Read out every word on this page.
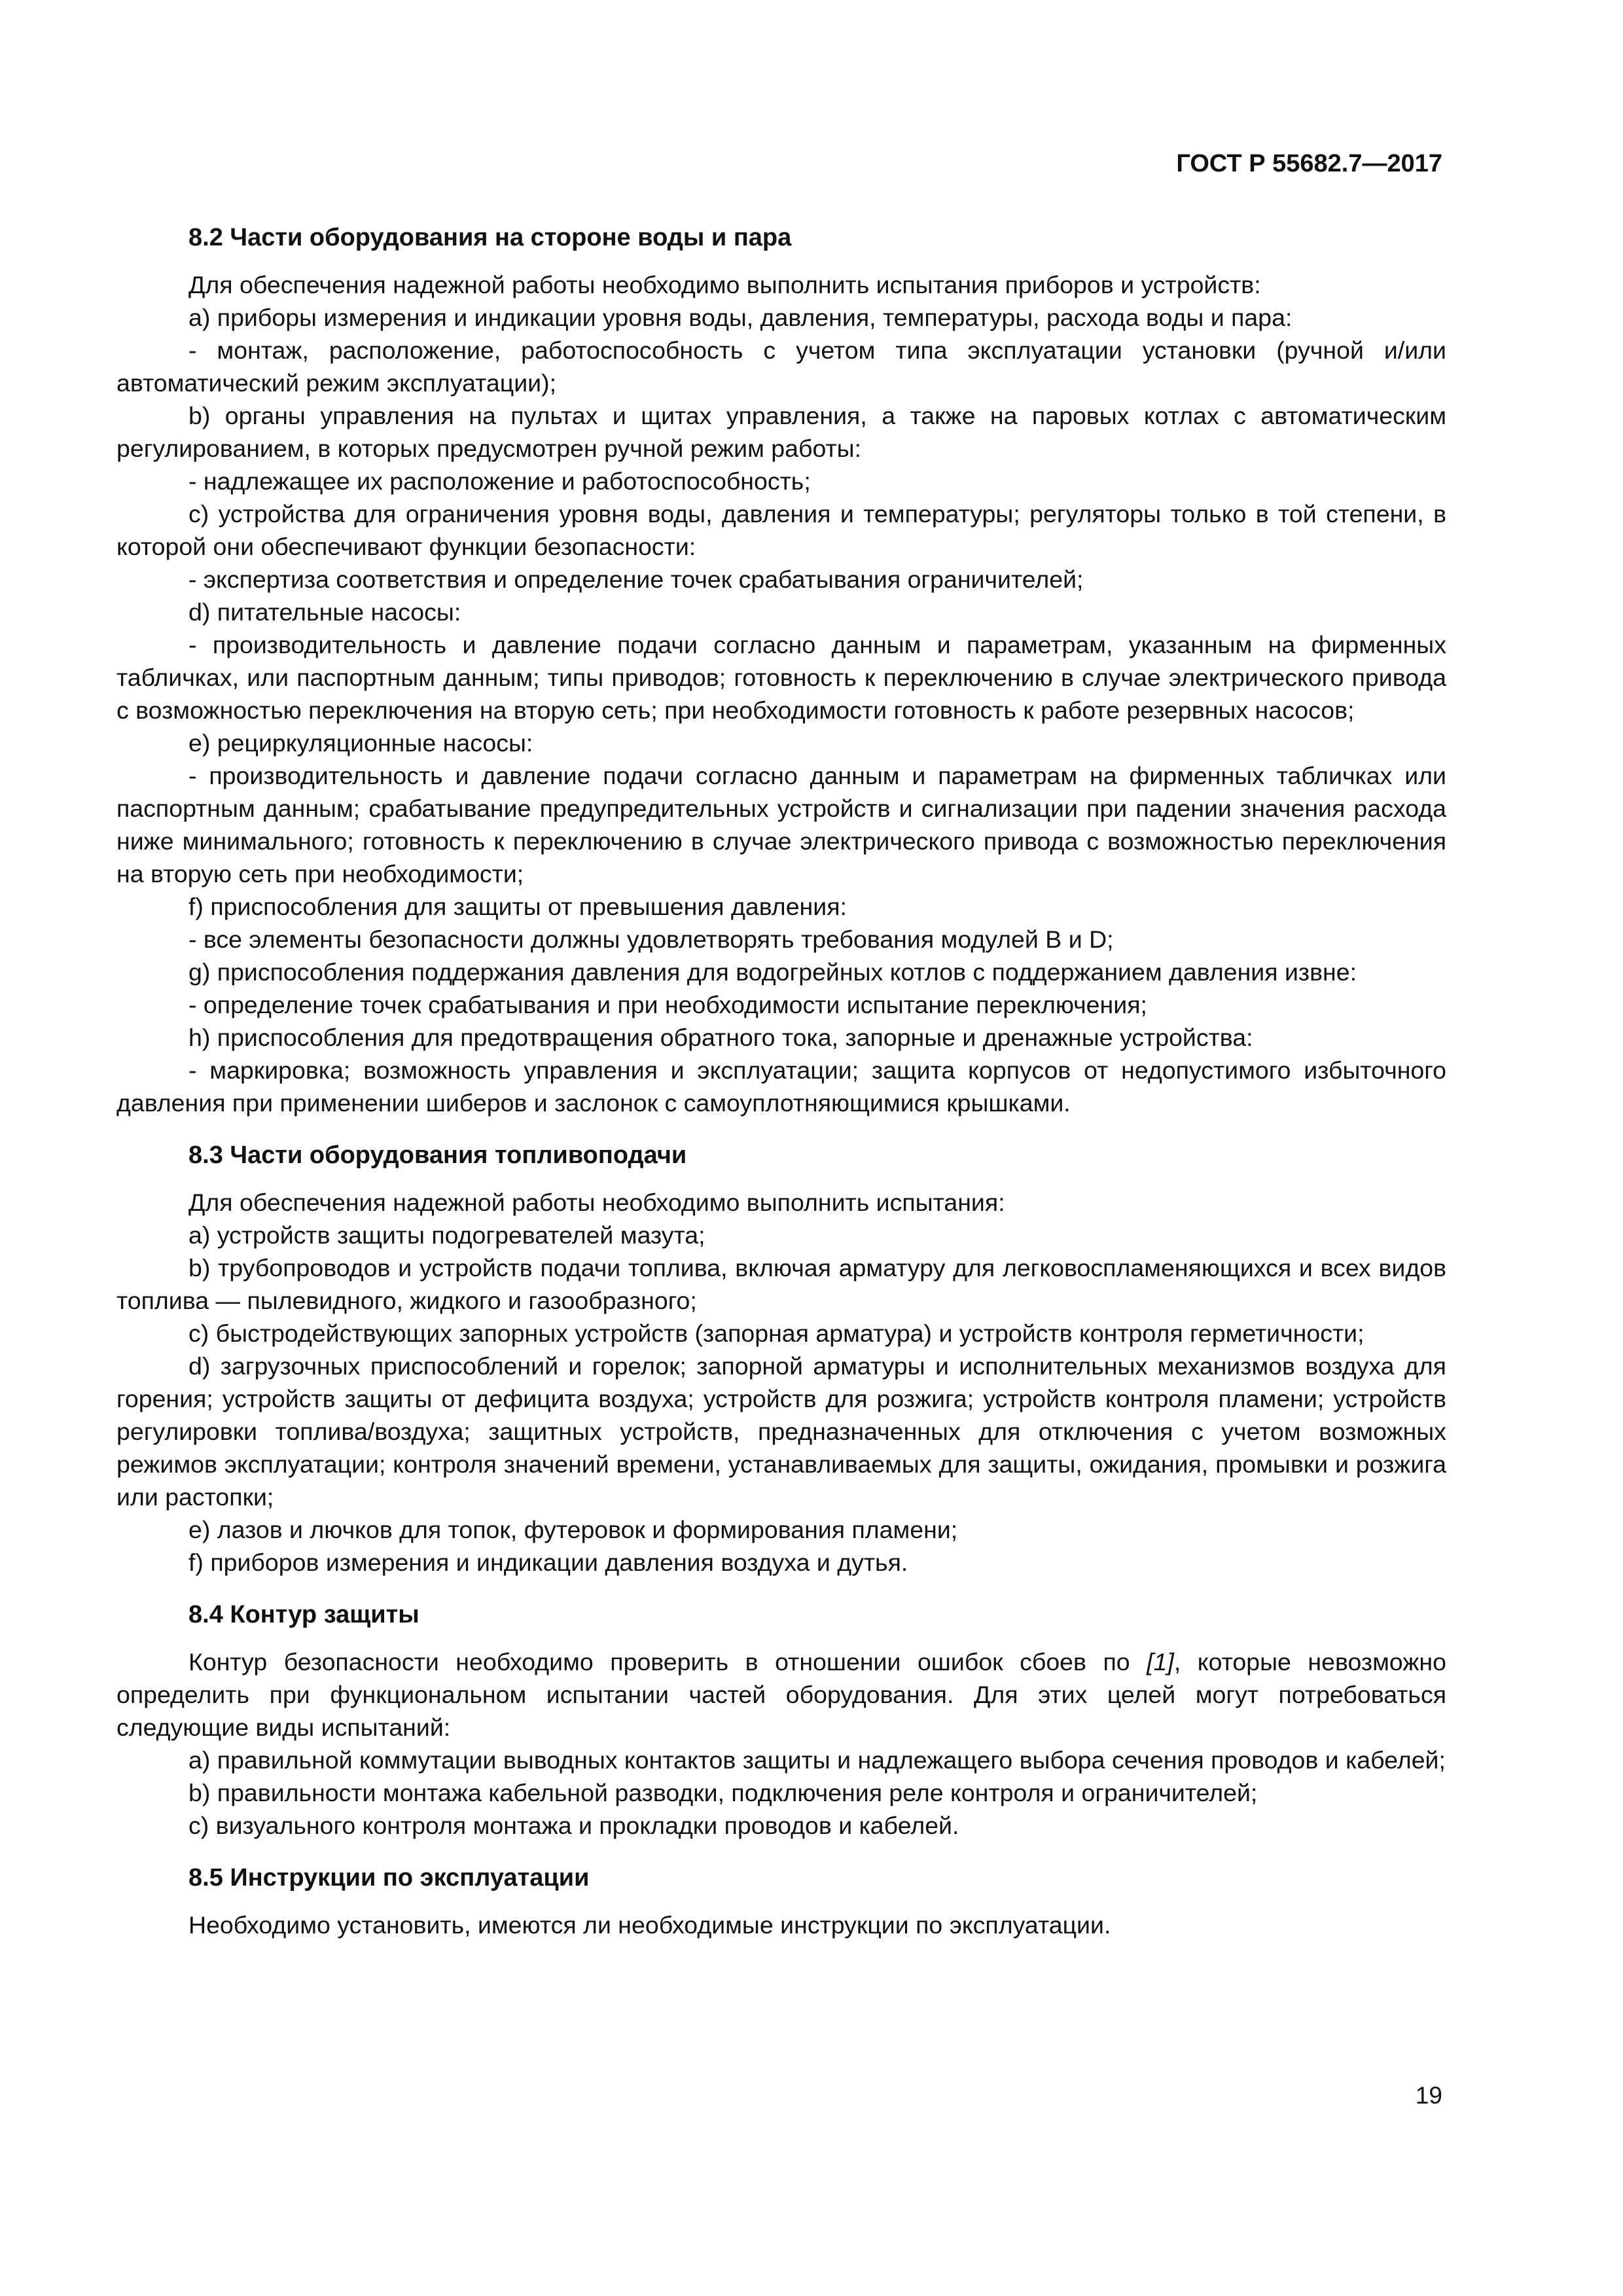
ГОСТ Р 55682.7—2017
8.2 Части оборудования на стороне воды и пара

Для обеспечения надежной работы необходимо выполнить испытания приборов и устройств:

а) приборы измерения и индикации уровня воды, давления, температуры, расхода воды и пара:

- монтаж, расположение, работоспособность с учетом типа эксплуатации установки (ручной и/или автоматический режим эксплуатации);

b) органы управления на пультах и щитах управления, а также на паровых котлах с автоматическим регулированием, в которых предусмотрен ручной режим работы:

- надлежащее их расположение и работоспособность;

с) устройства для ограничения уровня воды, давления и температуры; регуляторы только в той степени, в которой они обеспечивают функции безопасности:

- экспертиза соответствия и определение точек срабатывания ограничителей;

d) питательные насосы:

- производительность и давление подачи согласно данным и параметрам, указанным на фирменных табличках, или паспортным данным; типы приводов; готовность к переключению в случае электрического привода с возможностью переключения на вторую сеть; при необходимости готовность к работе резервных насосов;

е) рециркуляционные насосы:

- производительность и давление подачи согласно данным и параметрам на фирменных табличках или паспортным данным; срабатывание предупредительных устройств и сигнализации при падении значения расхода ниже минимального; готовность к переключению в случае электрического привода с возможностью переключения на вторую сеть при необходимости;

f) приспособления для защиты от превышения давления:

- все элементы безопасности должны удовлетворять требования модулей В и D;

g) приспособления поддержания давления для водогрейных котлов с поддержанием давления извне:

- определение точек срабатывания и при необходимости испытание переключения;

h) приспособления для предотвращения обратного тока, запорные и дренажные устройства:

- маркировка; возможность управления и эксплуатации; защита корпусов от недопустимого избыточного давления при применении шиберов и заслонок с самоуплотняющимися крышками.

8.3 Части оборудования топливоподачи

Для обеспечения надежной работы необходимо выполнить испытания:

а) устройств защиты подогревателей мазута;

b) трубопроводов и устройств подачи топлива, включая арматуру для легковоспламеняющихся и всех видов топлива — пылевидного, жидкого и газообразного;

с) быстродействующих запорных устройств (запорная арматура) и устройств контроля герметичности;

d) загрузочных приспособлений и горелок; запорной арматуры и исполнительных механизмов воздуха для горения; устройств защиты от дефицита воздуха; устройств для розжига; устройств контроля пламени; устройств регулировки топлива/воздуха; защитных устройств, предназначенных для отключения с учетом возможных режимов эксплуатации; контроля значений времени, устанавливаемых для защиты, ожидания, промывки и розжига или растопки;

е) лазов и лючков для топок, футеровок и формирования пламени;

f) приборов измерения и индикации давления воздуха и дутья.

8.4 Контур защиты

Контур безопасности необходимо проверить в отношении ошибок сбоев по [1], которые невозможно определить при функциональном испытании частей оборудования. Для этих целей могут потребоваться следующие виды испытаний:

а) правильной коммутации выводных контактов защиты и надлежащего выбора сечения проводов и кабелей;

b) правильности монтажа кабельной разводки, подключения реле контроля и ограничителей;

с) визуального контроля монтажа и прокладки проводов и кабелей.

8.5 Инструкции по эксплуатации

Необходимо установить, имеются ли необходимые инструкции по эксплуатации.

19
